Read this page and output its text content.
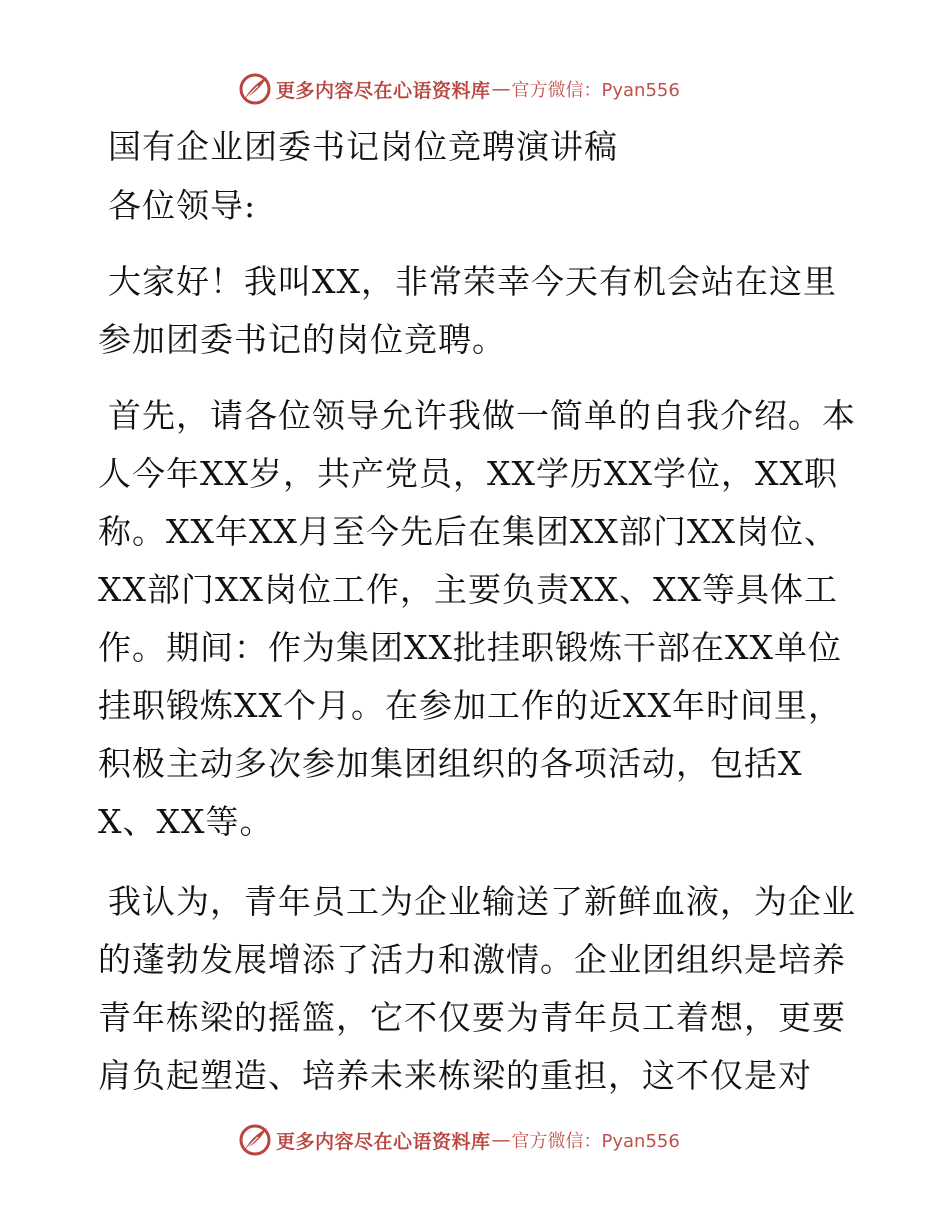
更多内容尽在心语资料库 — 官方微信：Pyan556
国有企业团委书记岗位竞聘演讲稿

各位领导:

大家好！我叫XX，非常荣幸今天有机会站在这里参加团委书记的岗位竞聘。

首先，请各位领导允许我做一简单的自我介绍。本人今年XX岁，共产党员，XX学历XX学位，XX职称。XX年XX月至今先后在集团XX部门XX岗位、XX部门XX岗位工作，主要负责XX、XX等具体工作。期间：作为集团XX批挂职锻炼干部在XX单位挂职锻炼XX个月。在参加工作的近XX年时间里，积极主动多次参加集团组织的各项活动，包括XX、XX等。

我认为，青年员工为企业输送了新鲜血液，为企业的蓬勃发展增添了活力和激情。企业团组织是培养青年栋梁的摇篮，它不仅要为青年员工着想，更要肩负起塑造、培养未来栋梁的重担，这不仅是对

更多内容尽在心语资料库 — 官方微信：Pyan556
